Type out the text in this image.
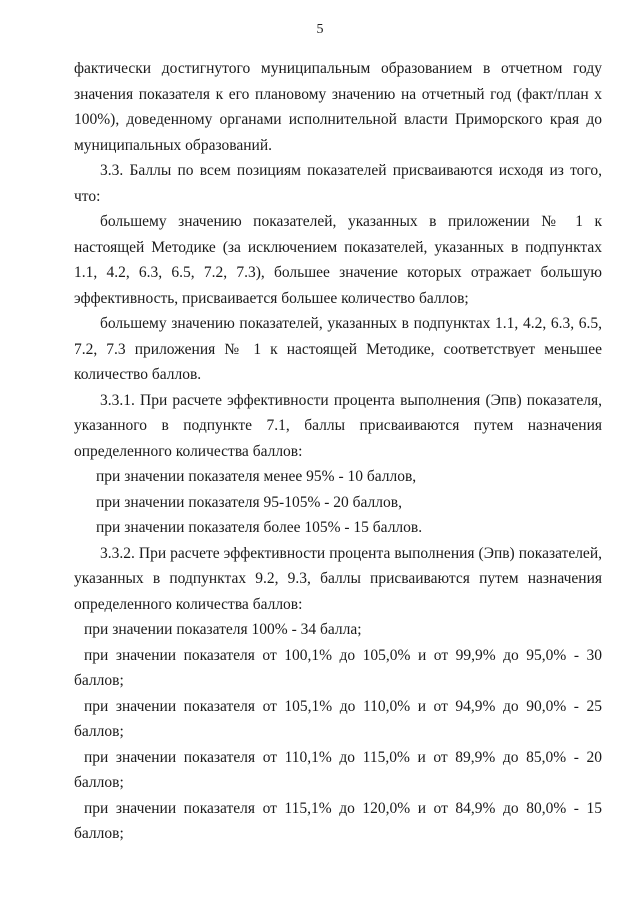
5

фактически достигнутого муниципальным образованием в отчетном году значения показателя к его плановому значению на отчетный год (факт/план х 100%), доведенному органами исполнительной власти Приморского края до муниципальных образований.

3.3. Баллы по всем позициям показателей присваиваются исходя из того, что:

большему значению показателей, указанных в приложении № 1 к настоящей Методике (за исключением показателей, указанных в подпунктах 1.1, 4.2, 6.3, 6.5, 7.2, 7.3), большее значение которых отражает большую эффективность, присваивается большее количество баллов;

большему значению показателей, указанных в подпунктах 1.1, 4.2, 6.3, 6.5, 7.2, 7.3 приложения № 1 к настоящей Методике, соответствует меньшее количество баллов.

3.3.1. При расчете эффективности процента выполнения (Эпв) показателя, указанного в подпункте 7.1, баллы присваиваются путем назначения определенного количества баллов:

при значении показателя менее 95% - 10 баллов,

при значении показателя 95-105% - 20 баллов,

при значении показателя более 105% - 15 баллов.

3.3.2. При расчете эффективности процента выполнения (Эпв) показателей, указанных в подпунктах 9.2, 9.3, баллы присваиваются путем назначения определенного количества баллов:

при значении показателя 100% - 34 балла;

при значении показателя от 100,1% до 105,0% и от 99,9% до 95,0% - 30 баллов;

при значении показателя от 105,1% до 110,0% и от 94,9% до 90,0% - 25 баллов;

при значении показателя от 110,1% до 115,0% и от 89,9% до 85,0% - 20 баллов;

при значении показателя от 115,1% до 120,0% и от 84,9% до 80,0% - 15 баллов;
